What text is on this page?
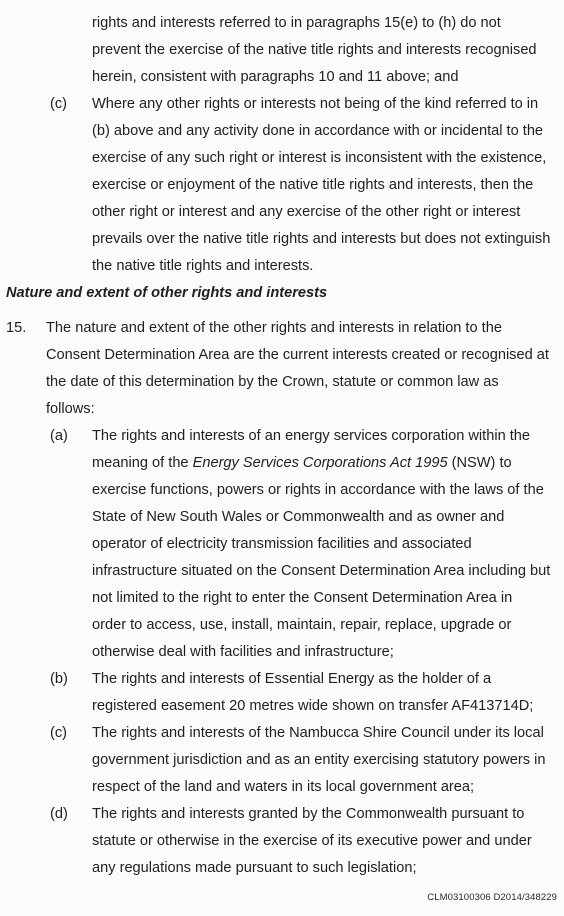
rights and interests referred to in paragraphs 15(e) to (h) do not
prevent the exercise of the native title rights and interests recognised
herein, consistent with paragraphs 10 and 11 above; and
(c) Where any other rights or interests not being of the kind referred to in
(b) above and any activity done in accordance with or incidental to the
exercise of any such right or interest is inconsistent with the existence,
exercise or enjoyment of the native title rights and interests, then the
other right or interest and any exercise of the other right or interest
prevails over the native title rights and interests but does not extinguish
the native title rights and interests.
Nature and extent of other rights and interests
15. The nature and extent of the other rights and interests in relation to the
Consent Determination Area are the current interests created or recognised at
the date of this determination by the Crown, statute or common law as
follows:
(a) The rights and interests of an energy services corporation within the
meaning of the Energy Services Corporations Act 1995 (NSW) to
exercise functions, powers or rights in accordance with the laws of the
State of New South Wales or Commonwealth and as owner and
operator of electricity transmission facilities and associated
infrastructure situated on the Consent Determination Area including but
not limited to the right to enter the Consent Determination Area in
order to access, use, install, maintain, repair, replace, upgrade or
otherwise deal with facilities and infrastructure;
(b) The rights and interests of Essential Energy as the holder of a
registered easement 20 metres wide shown on transfer AF413714D;
(c) The rights and interests of the Nambucca Shire Council under its local
government jurisdiction and as an entity exercising statutory powers in
respect of the land and waters in its local government area;
(d) The rights and interests granted by the Commonwealth pursuant to
statute or otherwise in the exercise of its executive power and under
any regulations made pursuant to such legislation;
CLM03100306 D2014/348229
